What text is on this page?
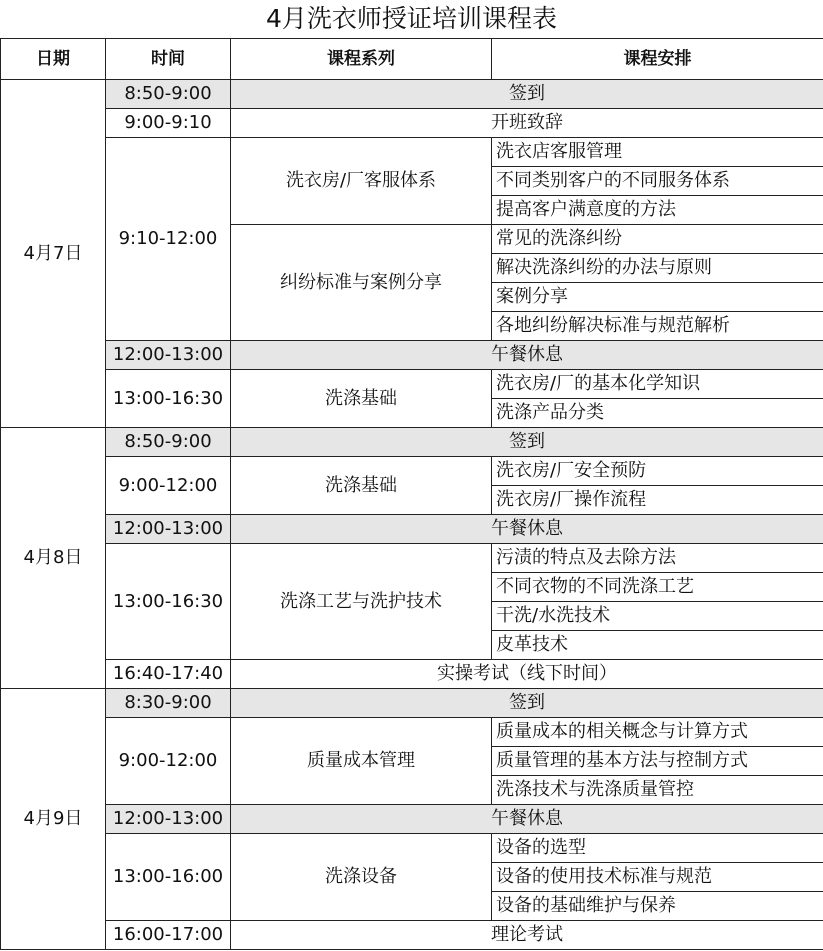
4月洗衣师授证培训课程表
日期	时间	课程系列	课程安排
4月7日	8:50-9:00	签到	
	9:00-9:10	开班致辞	
	9:10-12:00	洗衣房/厂客服体系	洗衣店客服管理
			不同类别客户的不同服务体系
			提高客户满意度的方法
		纠纷标准与案例分享	常见的洗涤纠纷
			解决洗涤纠纷的办法与原则
			案例分享
			各地纠纷解决标准与规范解析
	12:00-13:00	午餐休息	
	13:00-16:30	洗涤基础	洗衣房/厂的基本化学知识
			洗涤产品分类
4月8日	8:50-9:00	签到	
	9:00-12:00	洗涤基础	洗衣房/厂安全预防
			洗衣房/厂操作流程
	12:00-13:00	午餐休息	
	13:00-16:30	洗涤工艺与洗护技术	污渍的特点及去除方法
			不同衣物的不同洗涤工艺
			干洗/水洗技术
			皮革技术
	16:40-17:40	实操考试（线下时间）	
4月9日	8:30-9:00	签到	
	9:00-12:00	质量成本管理	质量成本的相关概念与计算方式
			质量管理的基本方法与控制方式
			洗涤技术与洗涤质量管控
	12:00-13:00	午餐休息	
	13:00-16:00	洗涤设备	设备的选型
			设备的使用技术标准与规范
			设备的基础维护与保养
	16:00-17:00	理论考试	
